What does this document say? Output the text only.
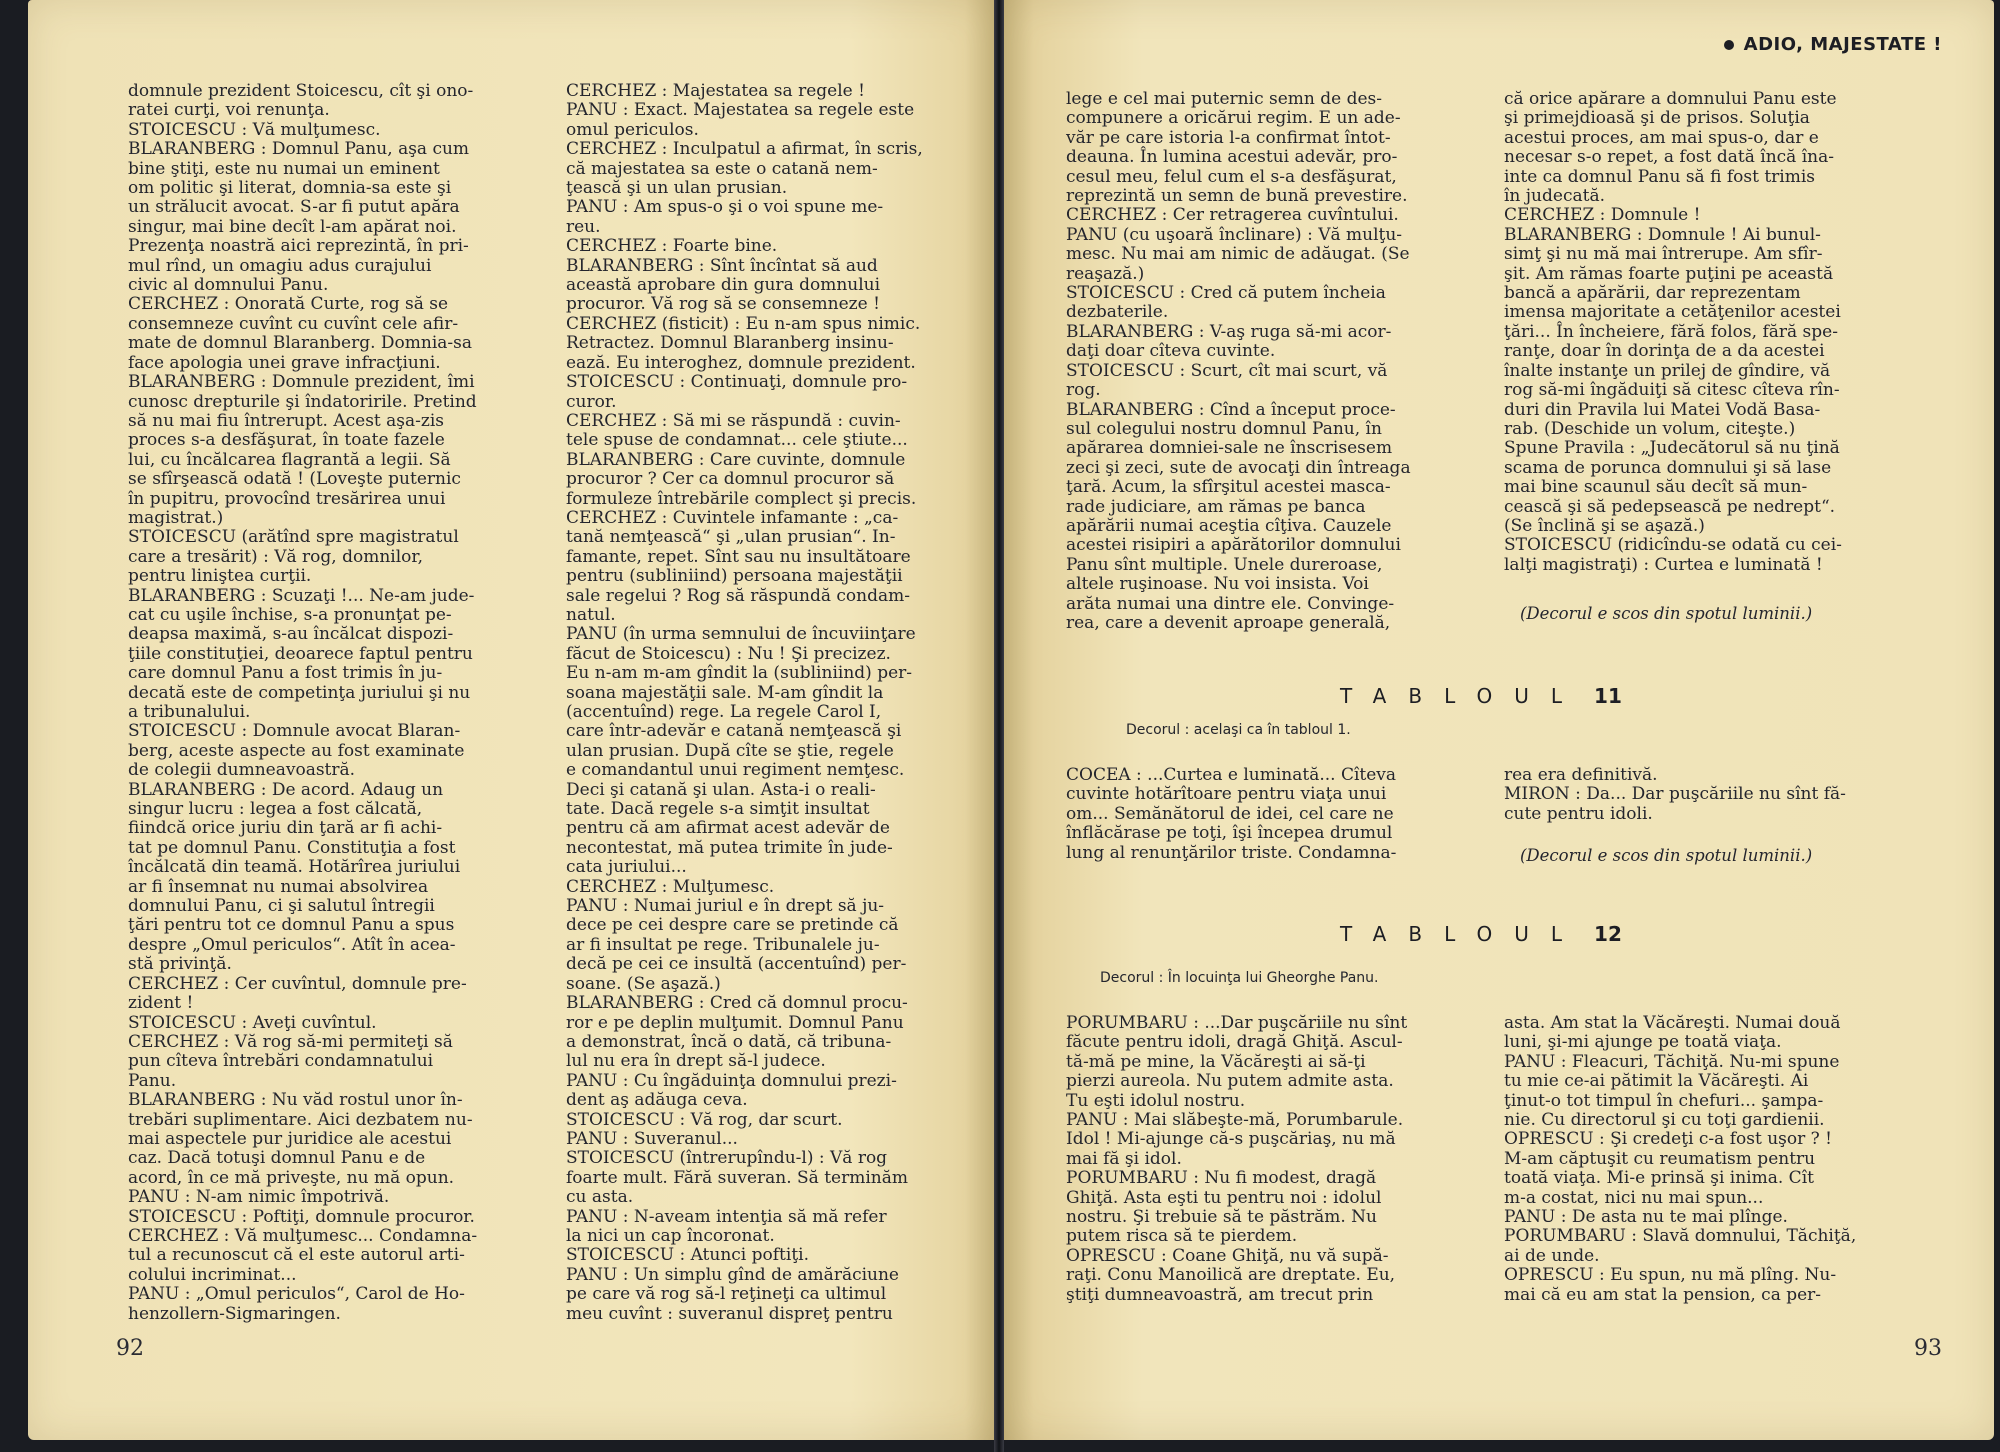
domnule prezident Stoicescu, cît şi ono-
ratei curţi, voi renunţa.
STOICESCU : Vă mulţumesc.
BLARANBERG : Domnul Panu, aşa cum
bine ştiţi, este nu numai un eminent
om politic şi literat, domnia-sa este şi
un strălucit avocat. S-ar fi putut apăra
singur, mai bine decît l-am apărat noi.
Prezenţa noastră aici reprezintă, în pri-
mul rînd, un omagiu adus curajului
civic al domnului Panu.
CERCHEZ : Onorată Curte, rog să se
consemneze cuvînt cu cuvînt cele afir-
mate de domnul Blaranberg. Domnia-sa
face apologia unei grave infracţiuni.
BLARANBERG : Domnule prezident, îmi
cunosc drepturile şi îndatoririle. Pretind
să nu mai fiu întrerupt. Acest aşa-zis
proces s-a desfăşurat, în toate fazele
lui, cu încălcarea flagrantă a legii. Să
se sfîrşească odată ! (Loveşte puternic
în pupitru, provocînd tresărirea unui
magistrat.)
STOICESCU (arătînd spre magistratul
care a tresărit) : Vă rog, domnilor,
pentru liniştea curţii.
BLARANBERG : Scuzaţi !... Ne-am jude-
cat cu uşile închise, s-a pronunţat pe-
deapsa maximă, s-au încălcat dispozi-
ţiile constituţiei, deoarece faptul pentru
care domnul Panu a fost trimis în ju-
decată este de competinţa juriului şi nu
a tribunalului.
STOICESCU : Domnule avocat Blaran-
berg, aceste aspecte au fost examinate
de colegii dumneavoastră.
BLARANBERG : De acord. Adaug un
singur lucru : legea a fost călcată,
fiindcă orice juriu din ţară ar fi achi-
tat pe domnul Panu. Constituţia a fost
încălcată din teamă. Hotărîrea juriului
ar fi însemnat nu numai absolvirea
domnului Panu, ci şi salutul întregii
ţări pentru tot ce domnul Panu a spus
despre „Omul periculos“. Atît în acea-
stă privinţă.
CERCHEZ : Cer cuvîntul, domnule pre-
zident !
STOICESCU : Aveţi cuvîntul.
CERCHEZ : Vă rog să-mi permiteţi să
pun cîteva întrebări condamnatului
Panu.
BLARANBERG : Nu văd rostul unor în-
trebări suplimentare. Aici dezbatem nu-
mai aspectele pur juridice ale acestui
caz. Dacă totuşi domnul Panu e de
acord, în ce mă priveşte, nu mă opun.
PANU : N-am nimic împotrivă.
STOICESCU : Poftiţi, domnule procuror.
CERCHEZ : Vă mulţumesc... Condamna-
tul a recunoscut că el este autorul arti-
colului incriminat...
PANU : „Omul periculos“, Carol de Ho-
henzollern-Sigmaringen.
CERCHEZ : Majestatea sa regele !
PANU : Exact. Majestatea sa regele este
omul periculos.
CERCHEZ : Inculpatul a afirmat, în scris,
că majestatea sa este o catană nem-
ţească şi un ulan prusian.
PANU : Am spus-o şi o voi spune me-
reu.
CERCHEZ : Foarte bine.
BLARANBERG : Sînt încîntat să aud
această aprobare din gura domnului
procuror. Vă rog să se consemneze !
CERCHEZ (fisticit) : Eu n-am spus nimic.
Retractez. Domnul Blaranberg insinu-
ează. Eu interoghez, domnule prezident.
STOICESCU : Continuaţi, domnule pro-
curor.
CERCHEZ : Să mi se răspundă : cuvin-
tele spuse de condamnat... cele ştiute...
BLARANBERG : Care cuvinte, domnule
procuror ? Cer ca domnul procuror să
formuleze întrebările complect şi precis.
CERCHEZ : Cuvintele infamante : „ca-
tană nemţească“ şi „ulan prusian“. In-
famante, repet. Sînt sau nu insultătoare
pentru (subliniind) persoana majestăţii
sale regelui ? Rog să răspundă condam-
natul.
PANU (în urma semnului de încuviinţare
făcut de Stoicescu) : Nu ! Şi precizez.
Eu n-am m-am gîndit la (subliniind) per-
soana majestăţii sale. M-am gîndit la
(accentuînd) rege. La regele Carol I,
care într-adevăr e catană nemţească şi
ulan prusian. După cîte se ştie, regele
e comandantul unui regiment nemţesc.
Deci şi catană şi ulan. Asta-i o reali-
tate. Dacă regele s-a simţit insultat
pentru că am afirmat acest adevăr de
necontestat, mă putea trimite în jude-
cata juriului...
CERCHEZ : Mulţumesc.
PANU : Numai juriul e în drept să ju-
dece pe cei despre care se pretinde că
ar fi insultat pe rege. Tribunalele ju-
decă pe cei ce insultă (accentuînd) per-
soane. (Se aşază.)
BLARANBERG : Cred că domnul procu-
ror e pe deplin mulţumit. Domnul Panu
a demonstrat, încă o dată, că tribuna-
lul nu era în drept să-l judece.
PANU : Cu îngăduinţa domnului prezi-
dent aş adăuga ceva.
STOICESCU : Vă rog, dar scurt.
PANU : Suveranul...
STOICESCU (întrerupîndu-l) : Vă rog
foarte mult. Fără suveran. Să terminăm
cu asta.
PANU : N-aveam intenţia să mă refer
la nici un cap încoronat.
STOICESCU : Atunci poftiţi.
PANU : Un simplu gînd de amărăciune
pe care vă rog să-l reţineţi ca ultimul
meu cuvînt : suveranul dispreţ pentru
92
ADIO, MAJESTATE !
lege e cel mai puternic semn de des-
compunere a oricărui regim. E un ade-
văr pe care istoria l-a confirmat întot-
deauna. În lumina acestui adevăr, pro-
cesul meu, felul cum el s-a desfăşurat,
reprezintă un semn de bună prevestire.
CERCHEZ : Cer retragerea cuvîntului.
PANU (cu uşoară înclinare) : Vă mulţu-
mesc. Nu mai am nimic de adăugat. (Se
reaşază.)
STOICESCU : Cred că putem încheia
dezbaterile.
BLARANBERG : V-aş ruga să-mi acor-
daţi doar cîteva cuvinte.
STOICESCU : Scurt, cît mai scurt, vă
rog.
BLARANBERG : Cînd a început proce-
sul colegului nostru domnul Panu, în
apărarea domniei-sale ne înscrisesem
zeci şi zeci, sute de avocaţi din întreaga
ţară. Acum, la sfîrşitul acestei masca-
rade judiciare, am rămas pe banca
apărării numai aceştia cîţiva. Cauzele
acestei risipiri a apărătorilor domnului
Panu sînt multiple. Unele dureroase,
altele ruşinoase. Nu voi insista. Voi
arăta numai una dintre ele. Convinge-
rea, care a devenit aproape generală,
că orice apărare a domnului Panu este
şi primejdioasă şi de prisos. Soluţia
acestui proces, am mai spus-o, dar e
necesar s-o repet, a fost dată încă îna-
inte ca domnul Panu să fi fost trimis
în judecată.
CERCHEZ : Domnule !
BLARANBERG : Domnule ! Ai bunul-
simţ şi nu mă mai întrerupe. Am sfîr-
şit. Am rămas foarte puţini pe această
bancă a apărării, dar reprezentam
imensa majoritate a cetăţenilor acestei
ţări... În încheiere, fără folos, fără spe-
ranţe, doar în dorinţa de a da acestei
înalte instanţe un prilej de gîndire, vă
rog să-mi îngăduiţi să citesc cîteva rîn-
duri din Pravila lui Matei Vodă Basa-
rab. (Deschide un volum, citeşte.)
Spune Pravila : „Judecătorul să nu ţină
scama de porunca domnului şi să lase
mai bine scaunul său decît să mun-
cească şi să pedepsească pe nedrept“.
(Se înclină şi se aşază.)
STOICESCU (ridicîndu-se odată cu cei-
lalţi magistraţi) : Curtea e luminată !
(Decorul e scos din spotul luminii.)
TABLOUL 11
Decorul : acelaşi ca în tabloul 1.
COCEA : ...Curtea e luminată... Cîteva
cuvinte hotărîtoare pentru viaţa unui
om... Semănătorul de idei, cel care ne
înflăcărase pe toţi, îşi începea drumul
lung al renunţărilor triste. Condamna-
rea era definitivă.
MIRON : Da... Dar puşcăriile nu sînt fă-
cute pentru idoli.
(Decorul e scos din spotul luminii.)
TABLOUL 12
Decorul : În locuinţa lui Gheorghe Panu.
PORUMBARU : ...Dar puşcăriile nu sînt
făcute pentru idoli, dragă Ghiţă. Ascul-
tă-mă pe mine, la Văcăreşti ai să-ţi
pierzi aureola. Nu putem admite asta.
Tu eşti idolul nostru.
PANU : Mai slăbeşte-mă, Porumbarule.
Idol ! Mi-ajunge că-s puşcăriaş, nu mă
mai fă şi idol.
PORUMBARU : Nu fi modest, dragă
Ghiţă. Asta eşti tu pentru noi : idolul
nostru. Şi trebuie să te păstrăm. Nu
putem risca să te pierdem.
OPRESCU : Coane Ghiţă, nu vă supă-
raţi. Conu Manoilică are dreptate. Eu,
ştiţi dumneavoastră, am trecut prin
asta. Am stat la Văcăreşti. Numai două
luni, şi-mi ajunge pe toată viaţa.
PANU : Fleacuri, Tăchiţă. Nu-mi spune
tu mie ce-ai pătimit la Văcăreşti. Ai
ţinut-o tot timpul în chefuri... şampa-
nie. Cu directorul şi cu toţi gardienii.
OPRESCU : Şi credeţi c-a fost uşor ? !
M-am căptuşit cu reumatism pentru
toată viaţa. Mi-e prinsă şi inima. Cît
m-a costat, nici nu mai spun...
PANU : De asta nu te mai plînge.
PORUMBARU : Slavă domnului, Tăchiţă,
ai de unde.
OPRESCU : Eu spun, nu mă plîng. Nu-
mai că eu am stat la pension, ca per-
93
